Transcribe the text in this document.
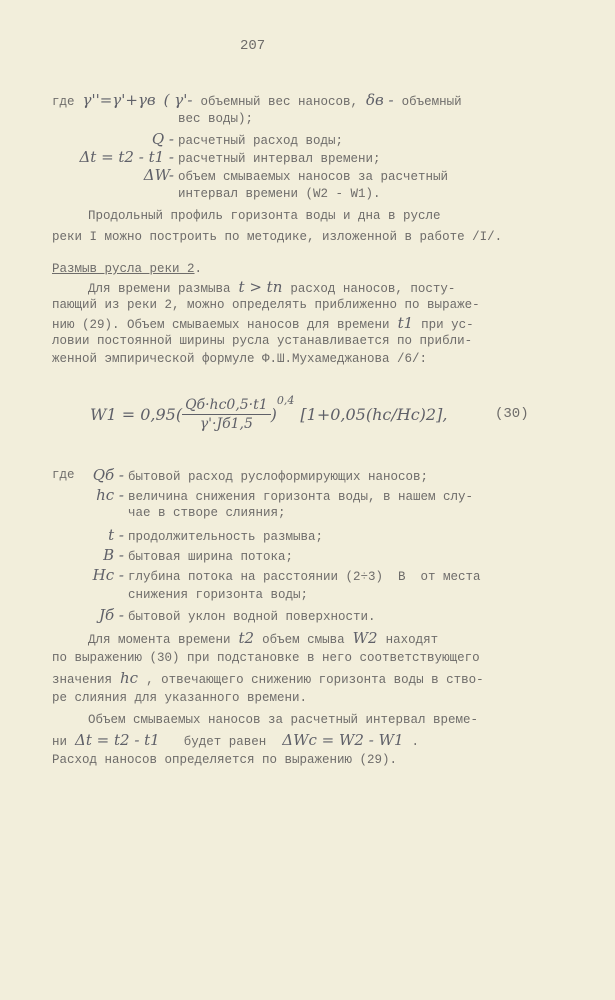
207
где γ''=γ'+γв ( γ'- объемный вес наносов, δв - объемный
вес воды);
Q - расчетный расход воды;
Δt = t2 - t1 - расчетный интервал времени;
ΔW- объем смываемых наносов за расчетный
интервал времени (W2 - W1).
Продольный профиль горизонта воды и дна в русле
реки I можно построить по методике, изложенной в работе /I/.
Размыв русла реки 2.
Для времени размыва t > tп расход наносов, посту-
пающий из реки 2, можно определять приближенно по выраже-
нию (29). Объем смываемых наносов для времени t1 при ус-
ловии постоянной ширины русла устанавливается по прибли-
женной эмпирической формуле Ф.Ш.Мухамеджанова /6/:
$W1 = 0,95( \frac{Qб\cdot hc0,5\cdot t1}{\gamma'\cdot Jб1,5}$ )
0,4
[1+0,05(hc/Hc)2] ,	(30)
где	Qб - бытовой расход руслоформирующих наносов;
hc - величина снижения горизонта воды, в нашем слу-
чае в створе слияния;
t - продолжительность размыва;
B - бытовая ширина потока;
Hc - глубина потока на расстоянии (2÷3)  B  от места
снижения горизонта воды;
Jб - бытовой уклон водной поверхности.
Для момента времени t2 объем смыва W2 находят
по выражению (30) при подстановке в него соответствующего
значения hc , отвечающего снижению горизонта воды в ство-
ре слияния для указанного времени.
Объем смываемых наносов за расчетный интервал време-
ни Δt = t2 - t1 будет равен ΔWc = W2 - W1 .
Расход наносов определяется по выражению (29).
